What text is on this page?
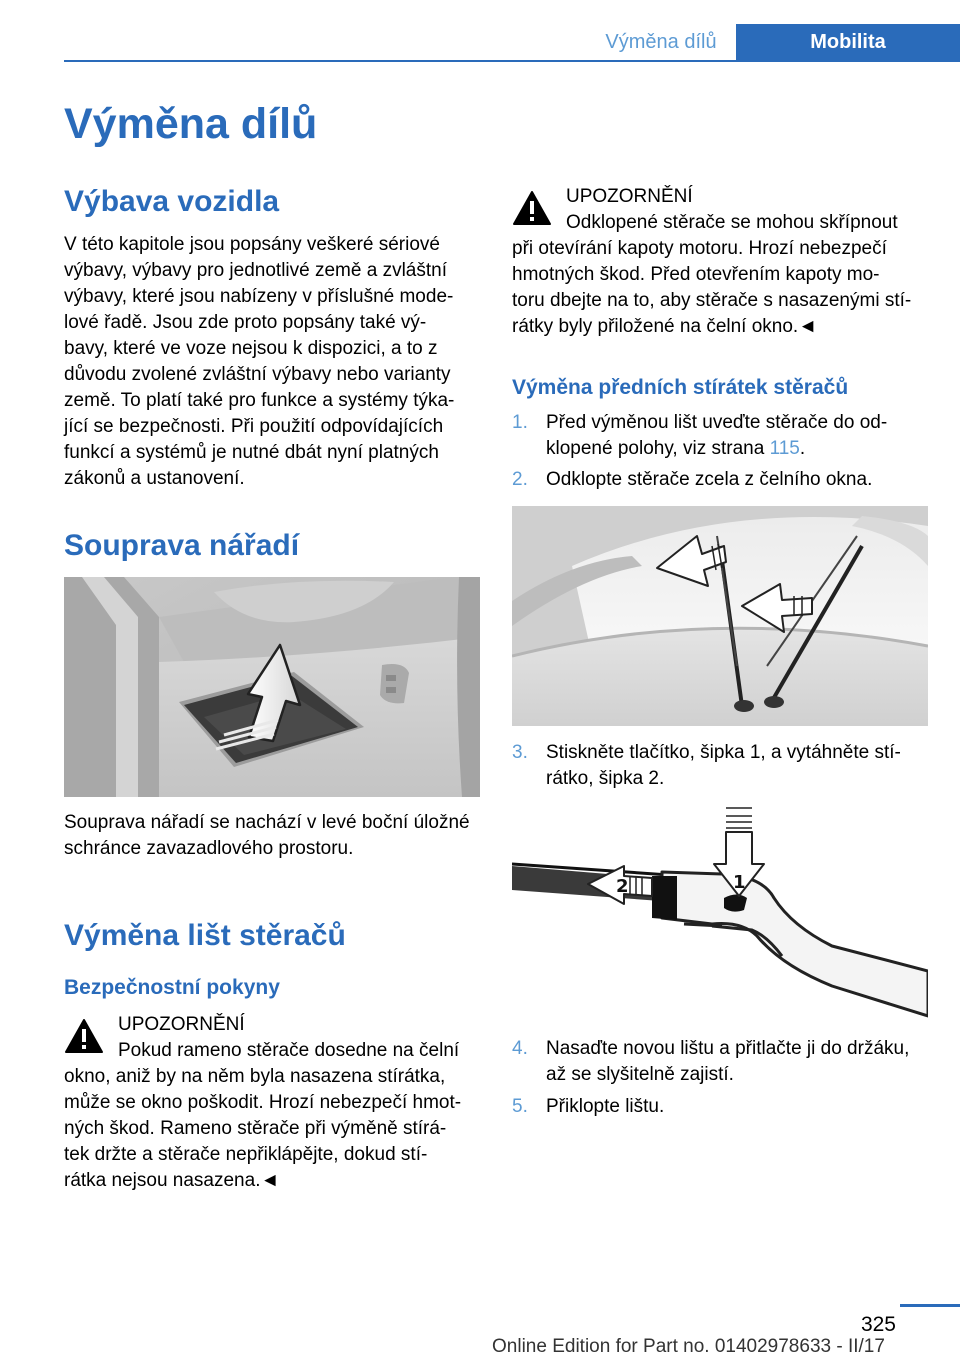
Výměna dílů	Mobilita
Výměna dílů
Výbava vozidla

V této kapitole jsou popsány veškeré sériové
výbavy, výbavy pro jednotlivé země a zvláštní
výbavy, které jsou nabízeny v příslušné mode‐
lové řadě. Jsou zde proto popsány také vý‐
bavy, které ve voze nejsou k dispozici, a to z
důvodu zvolené zvláštní výbavy nebo varianty
země. To platí také pro funkce a systémy týka‐
jící se bezpečnosti. Při použití odpovídajících
funkcí a systémů je nutné dbát nyní platných
zákonů a ustanovení.

Souprava nářadí

Souprava nářadí se nachází v levé boční úložné
schránce zavazadlového prostoru.

Výměna lišt stěračů
Bezpečnostní pokyny
UPOZORNĚNÍ
Pokud rameno stěrače dosedne na čelní
okno, aniž by na něm byla nasazena stírátka,
může se okno poškodit. Hrozí nebezpečí hmot‐
ných škod. Rameno stěrače při výměně stírá‐
tek držte a stěrače nepřiklápějte, dokud stí‐
rátka nejsou nasazena.◄
UPOZORNĚNÍ
Odklopené stěrače se mohou skřípnout
při otevírání kapoty motoru. Hrozí nebezpečí
hmotných škod. Před otevřením kapoty mo‐
toru dbejte na to, aby stěrače s nasazenými stí‐
rátky byly přiložené na čelní okno.◄
Výměna předních stírátek stěračů
1. Před výměnou lišt uveďte stěrače do od‐
klopené polohy, viz strana 115.
2. Odklopte stěrače zcela z čelního okna.
3. Stiskněte tlačítko, šipka 1, a vytáhněte stí‐
rátko, šipka 2.
2	1
4. Nasaďte novou lištu a přitlačte ji do držáku,
až se slyšitelně zajistí.
5. Přiklopte lištu.
325
Online Edition for Part no. 01402978633 - II/17
